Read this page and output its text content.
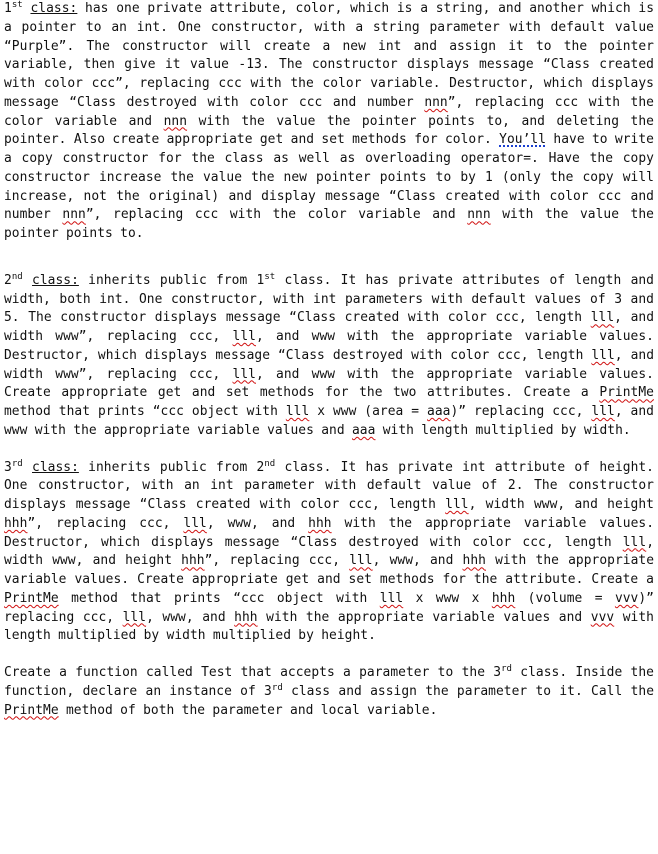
1st class: has one private attribute, color, which is a string, and another which is a pointer to an int. One constructor, with a string parameter with default value “Purple”. The constructor will create a new int and assign it to the pointer variable, then give it value -13. The constructor displays message “Class created with color ccc”, replacing ccc with the color variable. Destructor, which displays message “Class destroyed with color ccc and number nnn”, replacing ccc with the color variable and nnn with the value the pointer points to, and deleting the pointer. Also create appropriate get and set methods for color. You’ll have to write a copy constructor for the class as well as overloading operator=. Have the copy constructor increase the value the new pointer points to by 1 (only the copy will increase, not the original) and display message “Class created with color ccc and number nnn”, replacing ccc with the color variable and nnn with the value the pointer points to.

2nd class: inherits public from 1st class. It has private attributes of length and width, both int. One constructor, with int parameters with default values of 3 and 5. The constructor displays message “Class created with color ccc, length lll, and width www”, replacing ccc, lll, and www with the appropriate variable values. Destructor, which displays message “Class destroyed with color ccc, length lll, and width www”, replacing ccc, lll, and www with the appropriate variable values. Create appropriate get and set methods for the two attributes. Create a PrintMe method that prints “ccc object with lll x www (area = aaa)” replacing ccc, lll, and www with the appropriate variable values and aaa with length multiplied by width.

3rd class: inherits public from 2nd class. It has private int attribute of height. One constructor, with an int parameter with default value of 2. The constructor displays message “Class created with color ccc, length lll, width www, and height hhh”, replacing ccc, lll, www, and hhh with the appropriate variable values. Destructor, which displays message “Class destroyed with color ccc, length lll, width www, and height hhh”, replacing ccc, lll, www, and hhh with the appropriate variable values. Create appropriate get and set methods for the attribute. Create a PrintMe method that prints “ccc object with lll x www x hhh (volume = vvv)” replacing ccc, lll, www, and hhh with the appropriate variable values and vvv with length multiplied by width multiplied by height.

Create a function called Test that accepts a parameter to the 3rd class. Inside the function, declare an instance of 3rd class and assign the parameter to it. Call the PrintMe method of both the parameter and local variable.
